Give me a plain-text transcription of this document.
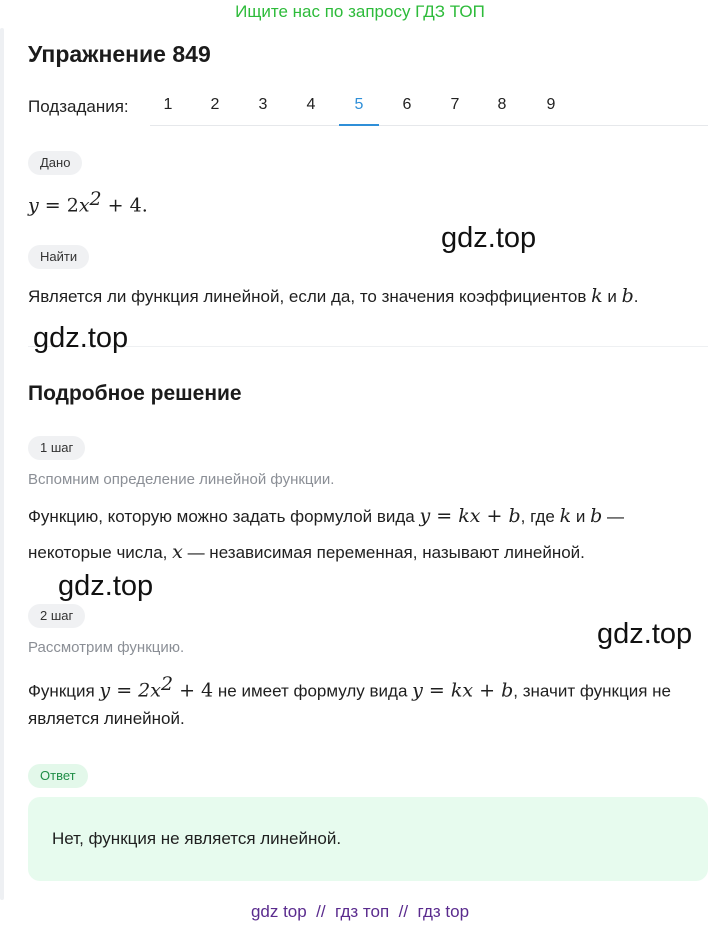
Ищите нас по запросу ГДЗ ТОП
Упражнение 849
Подзадания:	1	2	3	4	5	6	7	8	9
Дано
$y = 2x^2 + 4$.
Найти
Является ли функция линейной, если да, то значения коэффициентов k и b.
Подробное решение
1 шаг
Вспомним определение линейной функции.
Функцию, которую можно задать формулой вида y = kx + b, где k и b —
некоторые числа, x — независимая переменная, называют линейной.
2 шаг
Рассмотрим функцию.
Функция $y = 2x^2 + 4$ не имеет формулу вида y = kx + b, значит функция не
является линейной.
Ответ
Нет, функция не является линейной.
gdz.top
gdz.top
gdz.top
gdz.top
gdz top  //  гдз топ  //  гдз top
